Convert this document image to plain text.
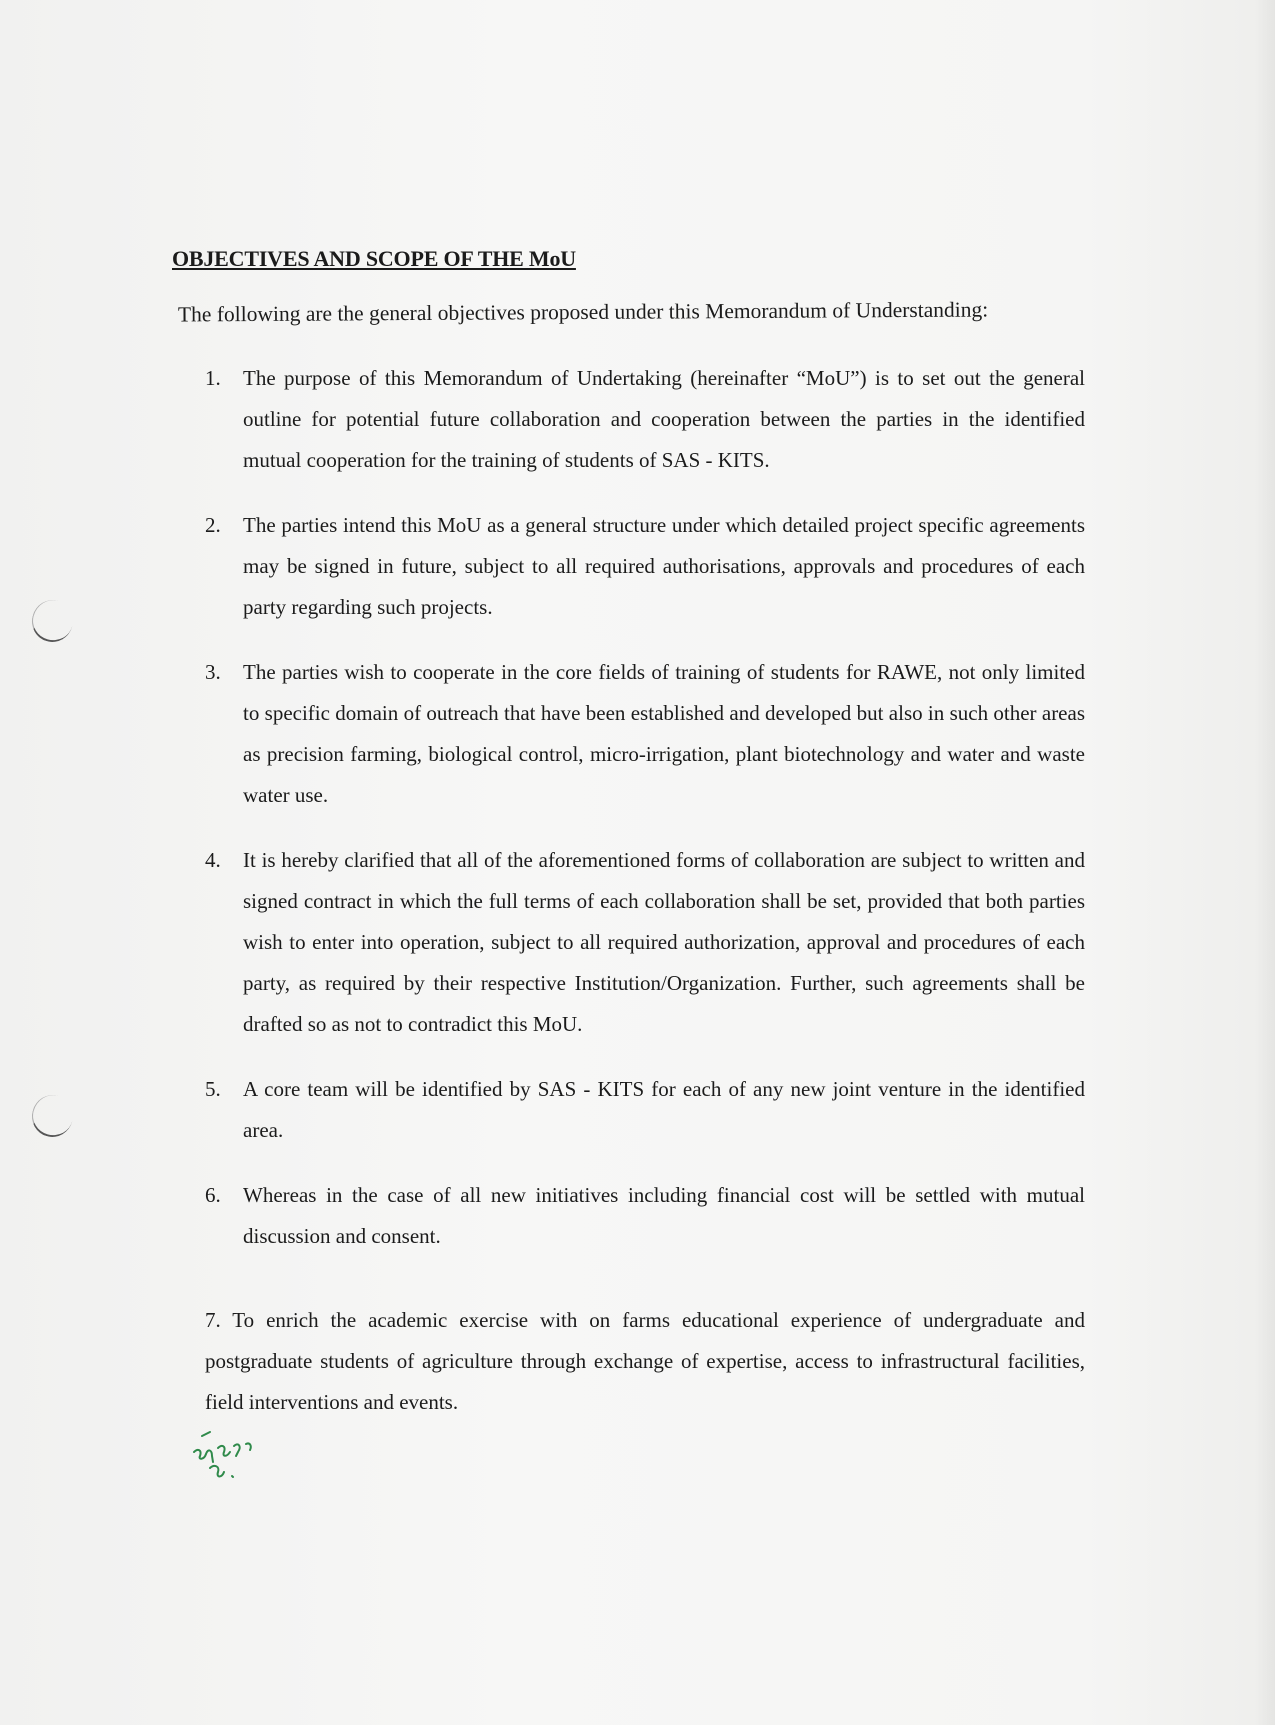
OBJECTIVES AND SCOPE OF THE MoU
The following are the general objectives proposed under this Memorandum of Understanding:
1. The purpose of this Memorandum of Undertaking (hereinafter “MoU”) is to set out the general outline for potential future collaboration and cooperation between the parties in the identified mutual cooperation for the training of students of SAS - KITS.
2. The parties intend this MoU as a general structure under which detailed project specific agreements may be signed in future, subject to all required authorisations, approvals and procedures of each party regarding such projects.
3. The parties wish to cooperate in the core fields of training of students for RAWE, not only limited to specific domain of outreach that have been established and developed but also in such other areas as precision farming, biological control, micro-irrigation, plant biotechnology and water and waste water use.
4. It is hereby clarified that all of the aforementioned forms of collaboration are subject to written and signed contract in which the full terms of each collaboration shall be set, provided that both parties wish to enter into operation, subject to all required authorization, approval and procedures of each party, as required by their respective Institution/Organization. Further, such agreements shall be drafted so as not to contradict this MoU.
5. A core team will be identified by SAS - KITS for each of any new joint venture in the identified area.
6. Whereas in the case of all new initiatives including financial cost will be settled with mutual discussion and consent.
7. To enrich the academic exercise with on farms educational experience of undergraduate and postgraduate students of agriculture through exchange of expertise, access to infrastructural facilities, field interventions and events.
